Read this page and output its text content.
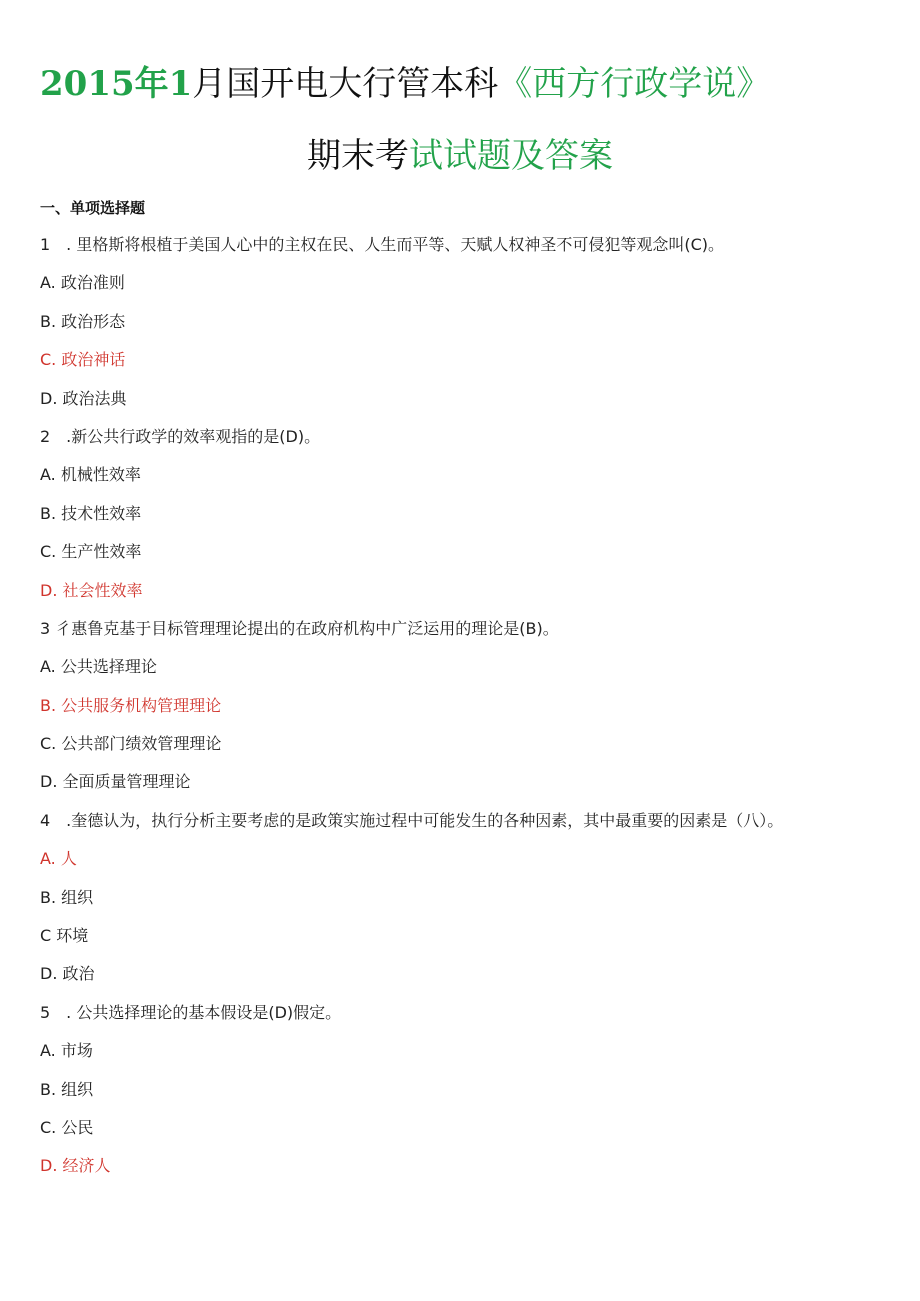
2015年1月国开电大行管本科《西方行政学说》
期末考试试题及答案
一、单项选择题
1　. 里格斯将根植于美国人心中的主权在民、人生而平等、天赋人权神圣不可侵犯等观念叫(C)。
A. 政治准则
B. 政治形态
C. 政治神话
D. 政治法典
2　.新公共行政学的效率观指的是(D)。
A. 机械性效率
B. 技术性效率
C. 生产性效率
D. 社会性效率
3 彳惠鲁克基于目标管理理论提出的在政府机构中广泛运用的理论是(B)。
A. 公共选择理论
B. 公共服务机构管理理论
C. 公共部门绩效管理理论
D. 全面质量管理理论
4　.奎德认为，执行分析主要考虑的是政策实施过程中可能发生的各种因素，其中最重要的因素是（八）。
A. 人
B. 组织
C 环境
D. 政治
5　. 公共选择理论的基本假设是(D)假定。
A. 市场
B. 组织
C. 公民
D. 经济人
